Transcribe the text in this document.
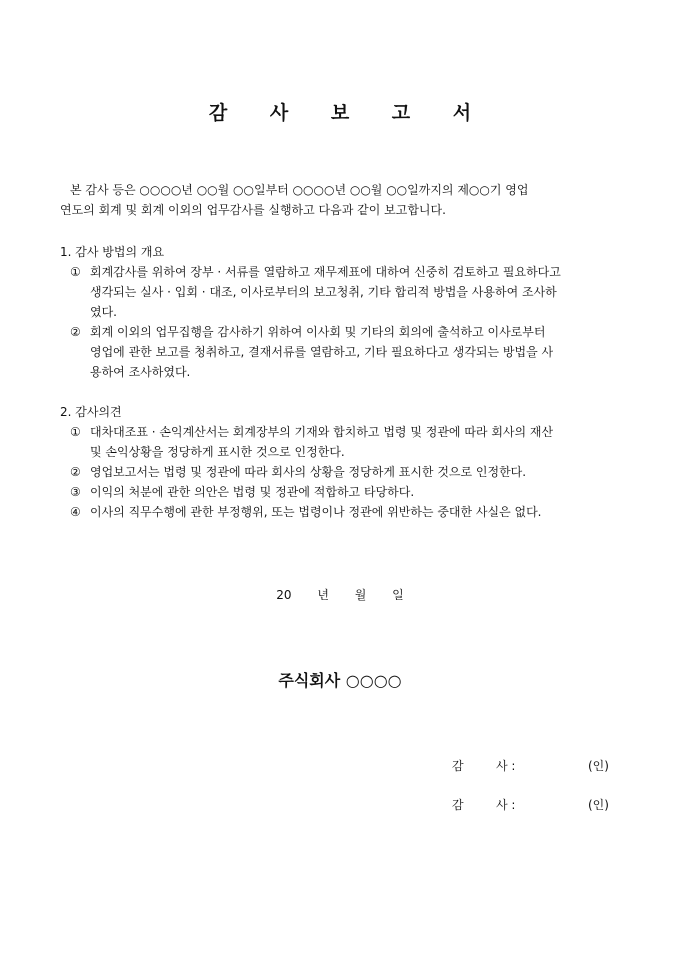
감 사 보 고 서

본 감사 등은 ○○○○년 ○○월 ○○일부터 ○○○○년 ○○월 ○○일까지의 제○○기 영업

연도의 회계 및 회계 이외의 업무감사를 실행하고 다음과 같이 보고합니다.

1. 감사 방법의 개요
① 회계감사를 위하여 장부 · 서류를 열람하고 재무제표에 대하여 신중히 검토하고 필요하다고
생각되는 실사 · 입회 · 대조, 이사로부터의 보고청취, 기타 합리적 방법을 사용하여 조사하
였다.
② 회계 이외의 업무집행을 감사하기 위하여 이사회 및 기타의 회의에 출석하고 이사로부터
영업에 관한 보고를 청취하고, 결재서류를 열람하고, 기타 필요하다고 생각되는 방법을 사
용하여 조사하였다.
2. 감사의견
① 대차대조표 · 손익계산서는 회계장부의 기재와 합치하고 법령 및 정관에 따라 회사의 재산
및 손익상황을 정당하게 표시한 것으로 인정한다.
② 영업보고서는 법령 및 정관에 따라 회사의 상황을 정당하게 표시한 것으로 인정한다.
③ 이익의 처분에 관한 의안은 법령 및 정관에 적합하고 타당하다.
④ 이사의 직무수행에 관한 부정행위, 또는 법령이나 정관에 위반하는 중대한 사실은 없다.
20 년 월 일
주식회사 ○○○○
감	사 :	(인)
감	사 :	(인)
